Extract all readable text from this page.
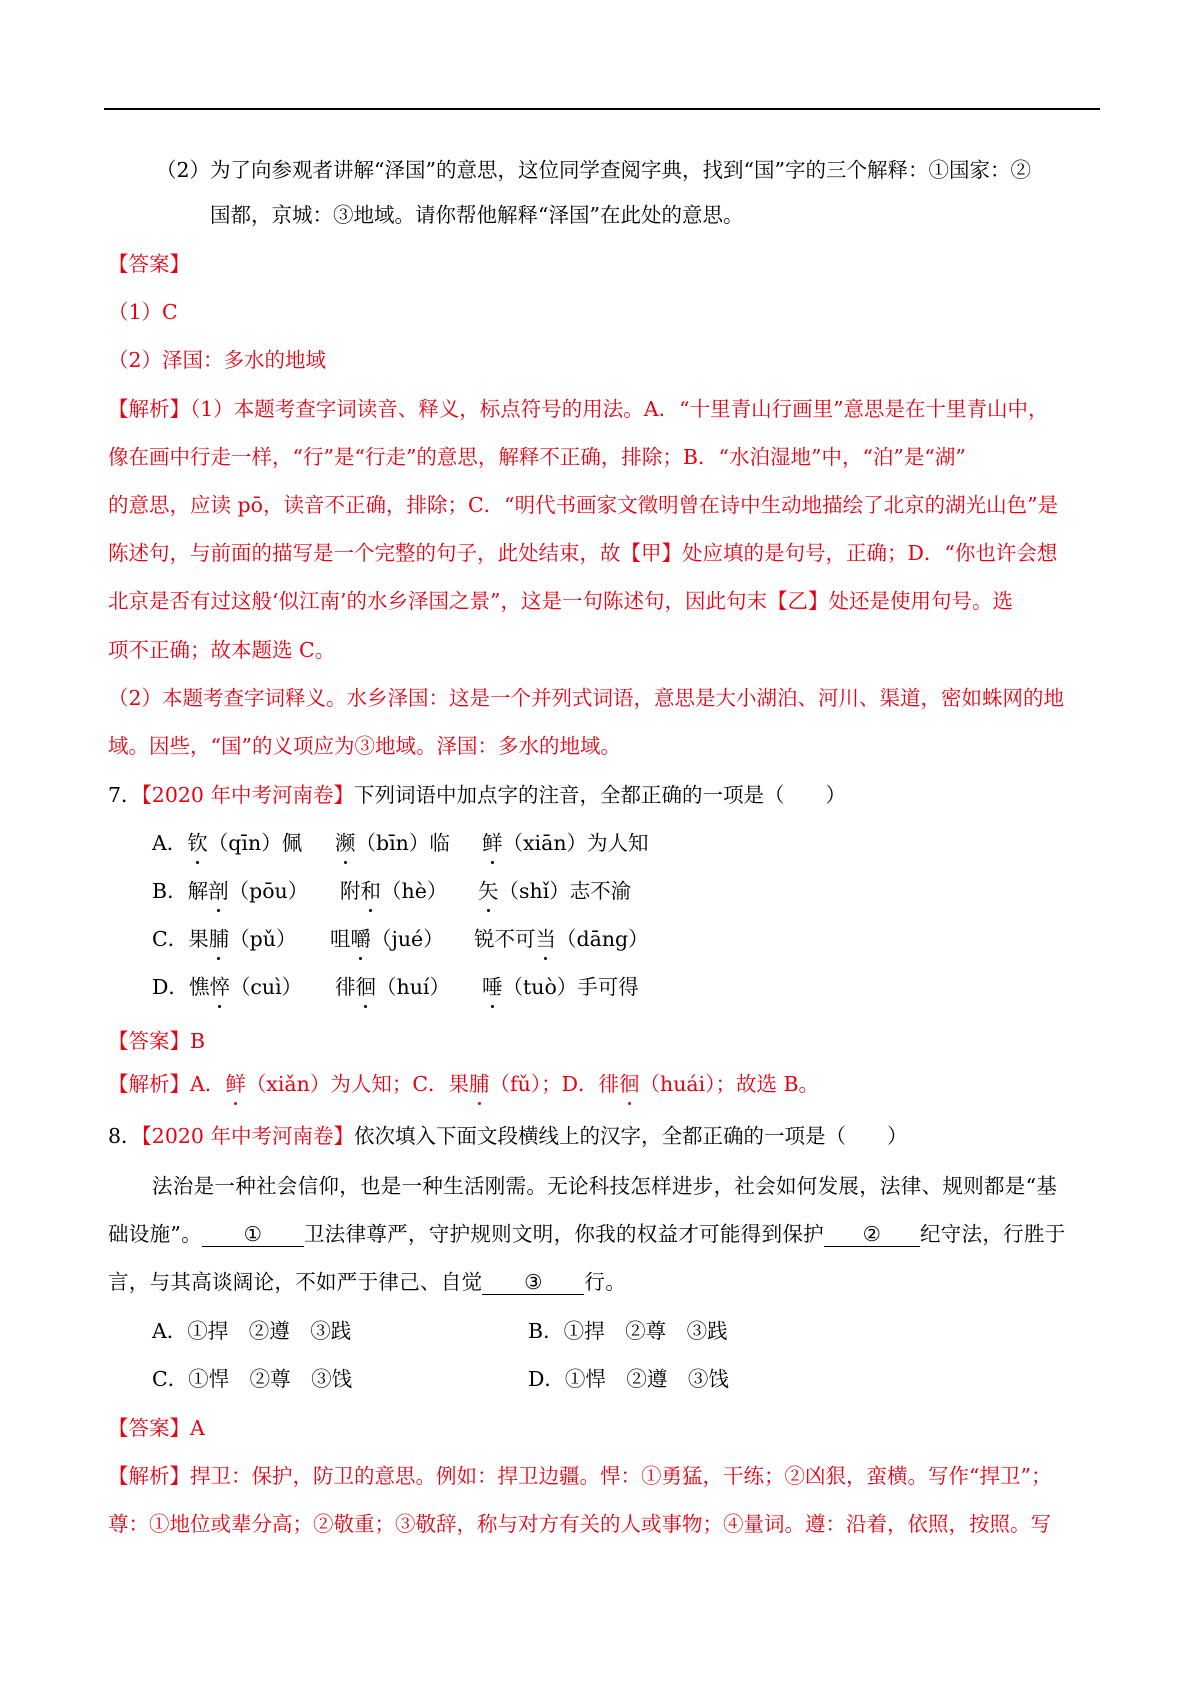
（2）为了向参观者讲解“泽国”的意思，这位同学查阅字典，找到“国”字的三个解释：①国家：②
国都，京城：③地域。请你帮他解释“泽国”在此处的意思。
【答案】
（1）C
（2）泽国：多水的地域
【解析】（1）本题考查字词读音、释义，标点符号的用法。A．“十里青山行画里”意思是在十里青山中，
像在画中行走一样，“行”是“行走”的意思，解释不正确，排除；B．“水泊湿地”中，“泊”是“湖”
的意思，应读 pō，读音不正确，排除；C．“明代书画家文徵明曾在诗中生动地描绘了北京的湖光山色”是
陈述句，与前面的描写是一个完整的句子，此处结束，故【甲】处应填的是句号，正确；D．“你也许会想
北京是否有过这般‘似江南’的水乡泽国之景”，这是一句陈述句，因此句末【乙】处还是使用句号。选
项不正确；故本题选 C。
（2）本题考查字词释义。水乡泽国：这是一个并列式词语，意思是大小湖泊、河川、渠道，密如蛛网的地
域。因些，“国”的义项应为③地域。泽国：多水的地域。
7．【2020 年中考河南卷】下列词语中加点字的注音，全都正确的一项是（　　）
A．钦（qīn）佩 濒（bīn）临 鲜（xiān）为人知
B．解剖（pōu） 附和（hè） 矢（shǐ）志不渝
C．果脯（pǔ） 咀嚼（jué） 锐不可当（dāng）
D．憔悴（cuì） 徘徊（huí） 唾（tuò）手可得
【答案】B
【解析】A．鲜（xiǎn）为人知；C．果脯（fǔ）；D．徘徊（huái）；故选 B。
8．【2020 年中考河南卷】依次填入下面文段横线上的汉字，全都正确的一项是（　　）
法治是一种社会信仰，也是一种生活刚需。无论科技怎样进步，社会如何发展，法律、规则都是“基
础设施”。 ① 卫法律尊严，守护规则文明，你我的权益才可能得到保护 ② 纪守法，行胜于
言，与其高谈阔论，不如严于律己、自觉 ③ 行。
A．①捍　②遵　③践	B．①捍　②尊　③践
C．①悍　②尊　③饯	D．①悍　②遵　③饯
【答案】A
【解析】捍卫：保护，防卫的意思。例如：捍卫边疆。悍：①勇猛，干练；②凶狠，蛮横。写作“捍卫”；
尊：①地位或辈分高；②敬重；③敬辞，称与对方有关的人或事物；④量词。遵：沿着，依照，按照。写
